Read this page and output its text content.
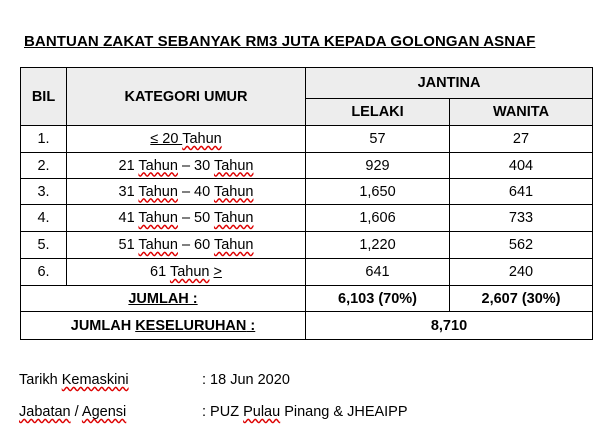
BANTUAN ZAKAT SEBANYAK RM3 JUTA KEPADA GOLONGAN ASNAF
BIL	KATEGORI UMUR	JANTINA	
		LELAKI	WANITA
1.	≤ 20 Tahun	57	27
2.	21 Tahun – 30 Tahun	929	404
3.	31 Tahun – 40 Tahun	1,650	641
4.	41 Tahun – 50 Tahun	1,606	733
5.	51 Tahun – 60 Tahun	1,220	562
6.	61 Tahun >	641	240
JUMLAH :		6,103 (70%)	2,607 (30%)
JUMLAH KESELURUHAN :		8,710	
Tarikh Kemaskini	: 18 Jun 2020
Jabatan / Agensi	: PUZ Pulau Pinang & JHEAIPP
